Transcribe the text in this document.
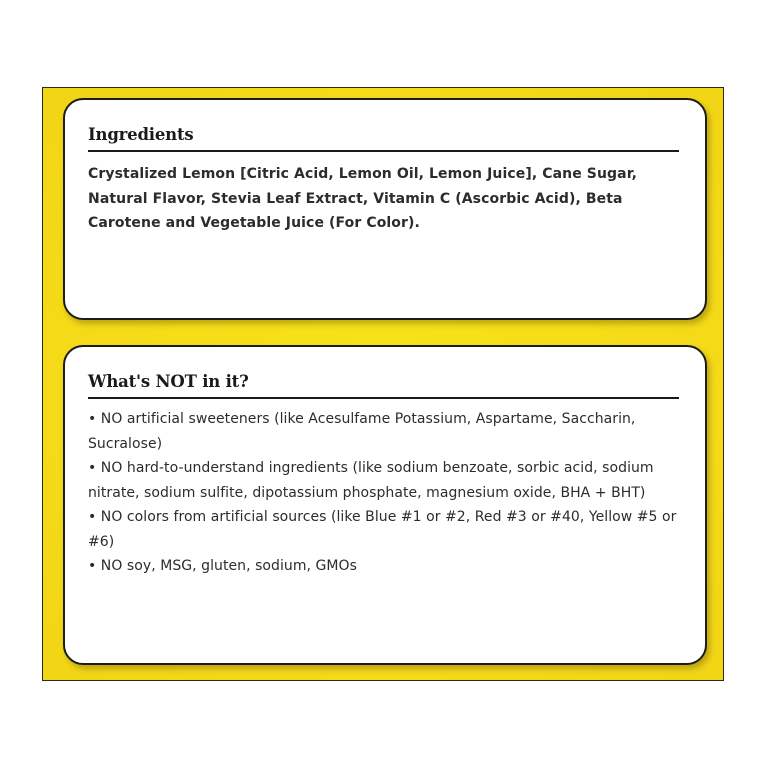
Ingredients

Crystalized Lemon [Citric Acid, Lemon Oil, Lemon Juice], Cane Sugar, Natural Flavor, Stevia Leaf Extract, Vitamin C (Ascorbic Acid), Beta Carotene and Vegetable Juice (For Color).

What's NOT in it?
• NO artificial sweeteners (like Acesulfame Potassium, Aspartame, Saccharin, Sucralose)
• NO hard-to-understand ingredients (like sodium benzoate, sorbic acid, sodium nitrate, sodium sulfite, dipotassium phosphate, magnesium oxide, BHA + BHT)
• NO colors from artificial sources (like Blue #1 or #2, Red #3 or #40, Yellow #5 or #6)
• NO soy, MSG, gluten, sodium, GMOs
